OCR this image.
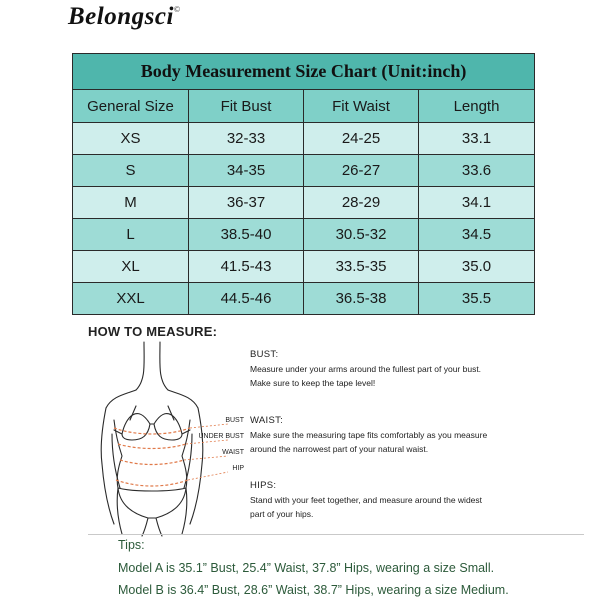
Belongsci©
Body Measurement Size Chart (Unit:inch)			
General Size	Fit Bust	Fit Waist	Length
XS	32-33	24-25	33.1
S	34-35	26-27	33.6
M	36-37	28-29	34.1
L	38.5-40	30.5-32	34.5
XL	41.5-43	33.5-35	35.0
XXL	44.5-46	36.5-38	35.5
HOW TO MEASURE:
BUST
UNDER BUST
WAIST
HIP
BUST:
Measure under your arms around the fullest part of your bust.
Make sure to keep the tape level!
WAIST:
Make sure the measuring tape fits comfortably as you measure
around the narrowest part of your natural waist.
HIPS:
Stand with your feet together, and measure around the widest
part of your hips.
Tips:
Model A is 35.1” Bust, 25.4” Waist, 37.8” Hips, wearing a size Small.
Model B is 36.4” Bust, 28.6” Waist, 38.7” Hips, wearing a size Medium.
